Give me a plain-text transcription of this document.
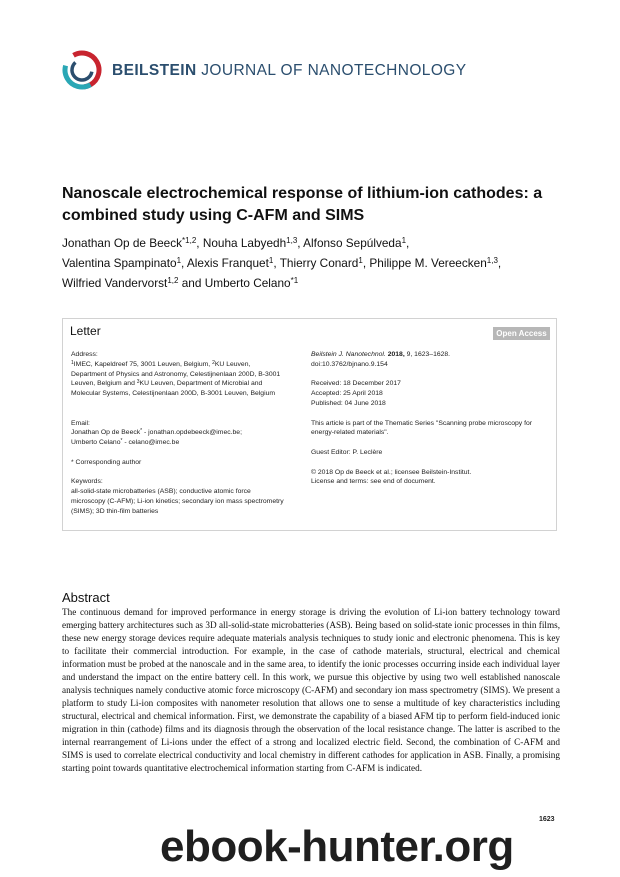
BEILSTEIN JOURNAL OF NANOTECHNOLOGY
Nanoscale electrochemical response of lithium-ion cathodes: a combined study using C-AFM and SIMS
Jonathan Op de Beeck$^{*1,2}$, Nouha Labyedh$^{1,3}$, Alfonso Sepúlveda$^1$,
Valentina Spampinato$^1$, Alexis Franquet$^1$, Thierry Conard$^1$, Philippe M. Vereecken$^{1,3}$,
Wilfried Vandervorst$^{1,2}$ and Umberto Celano$^{*1}$
Letter	Open Access

Address:

$^1$IMEC, Kapeldreef 75, 3001 Leuven, Belgium, $^2$KU Leuven, Department of Physics and Astronomy, Celestijnenlaan 200D, B-3001 Leuven, Belgium and $^3$KU Leuven, Department of Microbial and Molecular Systems, Celestijnenlaan 200D, B-3001 Leuven, Belgium

Email:

Jonathan Op de Beeck* - jonathan.opdebeeck@imec.be;

Umberto Celano* - celano@imec.be

* Corresponding author

Keywords:

all-solid-state microbatteries (ASB); conductive atomic force microscopy (C-AFM); Li-ion kinetics; secondary ion mass spectrometry (SIMS); 3D thin-film batteries

Beilstein J. Nanotechnol. 2018, 9, 1623–1628.

doi:10.3762/bjnano.9.154

Received: 18 December 2017

Accepted: 25 April 2018

Published: 04 June 2018

This article is part of the Thematic Series "Scanning probe microscopy for energy-related materials".

Guest Editor: P. Leclère

© 2018 Op de Beeck et al.; licensee Beilstein-Institut.

License and terms: see end of document.

Abstract
The continuous demand for improved performance in energy storage is driving the evolution of Li-ion battery technology toward emerging battery architectures such as 3D all-solid-state microbatteries (ASB). Being based on solid-state ionic processes in thin films, these new energy storage devices require adequate materials analysis techniques to study ionic and electronic phenomena. This is key to facilitate their commercial introduction. For example, in the case of cathode materials, structural, electrical and chemical information must be probed at the nanoscale and in the same area, to identify the ionic processes occurring inside each individual layer and understand the impact on the entire battery cell. In this work, we pursue this objective by using two well established nanoscale analysis techniques namely conductive atomic force microscopy (C-AFM) and secondary ion mass spectrometry (SIMS). We present a platform to study Li-ion composites with nanometer resolution that allows one to sense a multitude of key characteristics including structural, electrical and chemical information. First, we demonstrate the capability of a biased AFM tip to perform field-induced ionic migration in thin (cathode) films and its diagnosis through the observation of the local resistance change. The latter is ascribed to the internal rearrangement of Li-ions under the effect of a strong and localized electric field. Second, the combination of C-AFM and SIMS is used to correlate electrical conductivity and local chemistry in different cathodes for application in ASB. Finally, a promising starting point towards quantitative electrochemical information starting from C-AFM is indicated.
1623
ebook-hunter.org
